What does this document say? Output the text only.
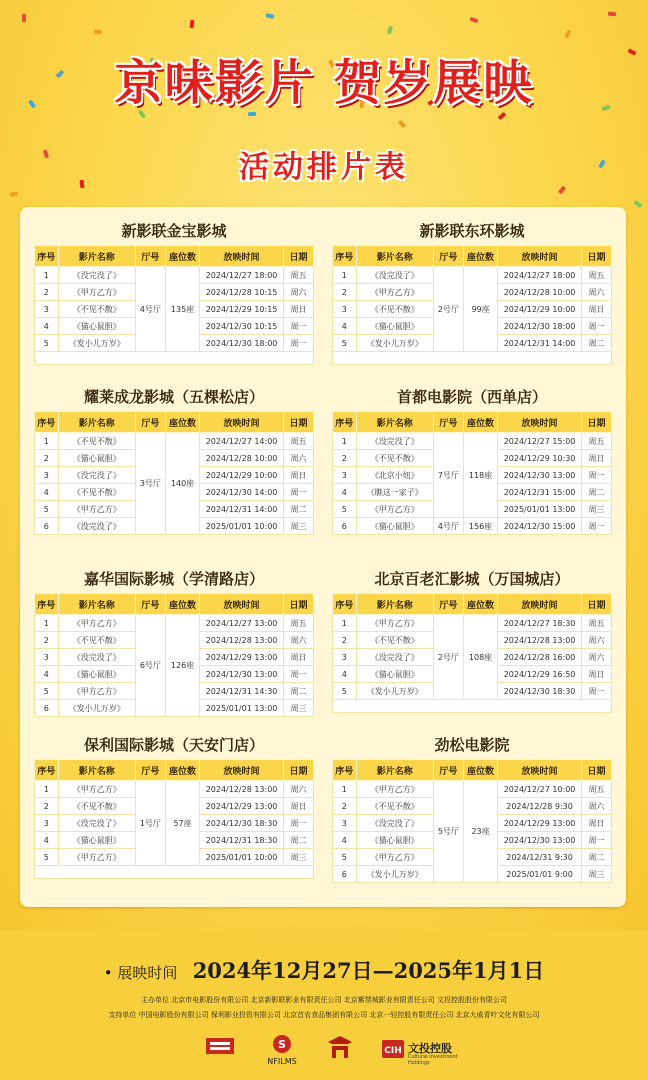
京味影片 贺岁展映
活动排片表
新影联金宝影城
序号	影片名称	厅号	座位数	放映时间	日期
1	《没完没了》	4号厅	135座	2024/12/27 18:00	周五
2	《甲方乙方》			2024/12/28 10:15	周六
3	《不见不散》			2024/12/29 10:15	周日
4	《猫心鼠胆》			2024/12/30 10:15	周一
5	《发小儿万岁》			2024/12/30 18:00	周一

新影联东环影城
序号	影片名称	厅号	座位数	放映时间	日期
1	《没完没了》	2号厅	99座	2024/12/27 18:00	周五
2	《甲方乙方》			2024/12/28 10:00	周六
3	《不见不散》			2024/12/29 10:00	周日
4	《猫心鼠胆》			2024/12/30 18:00	周一
5	《发小儿万岁》			2024/12/31 14:00	周二

耀莱成龙影城（五棵松店）
序号	影片名称	厅号	座位数	放映时间	日期
1	《不见不散》	3号厅	140座	2024/12/27 14:00	周五
2	《猫心鼠胆》			2024/12/28 10:00	周六
3	《没完没了》			2024/12/29 10:00	周日
4	《不见不散》			2024/12/30 14:00	周一
5	《甲方乙方》			2024/12/31 14:00	周二
6	《没完没了》			2025/01/01 10:00	周三
首都电影院（西单店）
序号	影片名称	厅号	座位数	放映时间	日期
1	《没完没了》	7号厅	118座	2024/12/27 15:00	周五
2	《不见不散》			2024/12/29 10:30	周日
3	《北京小妞》			2024/12/30 13:00	周一
4	《瞧这一家子》			2024/12/31 15:00	周二
5	《甲方乙方》			2025/01/01 13:00	周三
6	《猫心鼠胆》	4号厅	156座	2024/12/30 15:00	周一
嘉华国际影城（学清路店）
序号	影片名称	厅号	座位数	放映时间	日期
1	《甲方乙方》	6号厅	126座	2024/12/27 13:00	周五
2	《不见不散》			2024/12/28 13:00	周六
3	《没完没了》			2024/12/29 13:00	周日
4	《猫心鼠胆》			2024/12/30 13:00	周一
5	《甲方乙方》			2024/12/31 14:30	周二
6	《发小儿万岁》			2025/01/01 13:00	周三
北京百老汇影城（万国城店）
序号	影片名称	厅号	座位数	放映时间	日期
1	《甲方乙方》	2号厅	108座	2024/12/27 18:30	周五
2	《不见不散》			2024/12/28 13:00	周六
3	《没完没了》			2024/12/28 16:00	周六
4	《猫心鼠胆》			2024/12/29 16:50	周日
5	《发小儿万岁》			2024/12/30 18:30	周一

保利国际影城（天安门店）
序号	影片名称	厅号	座位数	放映时间	日期
1	《甲方乙方》	1号厅	57座	2024/12/28 13:00	周六
2	《不见不散》			2024/12/29 13:00	周日
3	《没完没了》			2024/12/30 18:30	周一
4	《猫心鼠胆》			2024/12/31 18:30	周二
5	《甲方乙方》			2025/01/01 10:00	周三

劲松电影院
序号	影片名称	厅号	座位数	放映时间	日期
1	《甲方乙方》	5号厅	23座	2024/12/27 10:00	周五
2	《不见不散》			2024/12/28 9:30	周六
3	《没完没了》			2024/12/29 13:00	周日
4	《猫心鼠胆》			2024/12/30 13:00	周一
5	《甲方乙方》			2024/12/31 9:30	周二
6	《发小儿万岁》			2025/01/01 9:00	周三
• 展映时间 2024年12月27日—2025年1月1日
主办单位 北京市电影股份有限公司 北京新影联影业有限责任公司 北京紫禁城影业有限责任公司 文投控股股份有限公司
支持单位 中国电影股份有限公司 保利影业投资有限公司 北京首农食品集团有限公司 北京一轻控股有限责任公司 北京大戚青叶文化有限公司
S
NFILMS
CIH 文投控股
Cultural Investment Holdings
